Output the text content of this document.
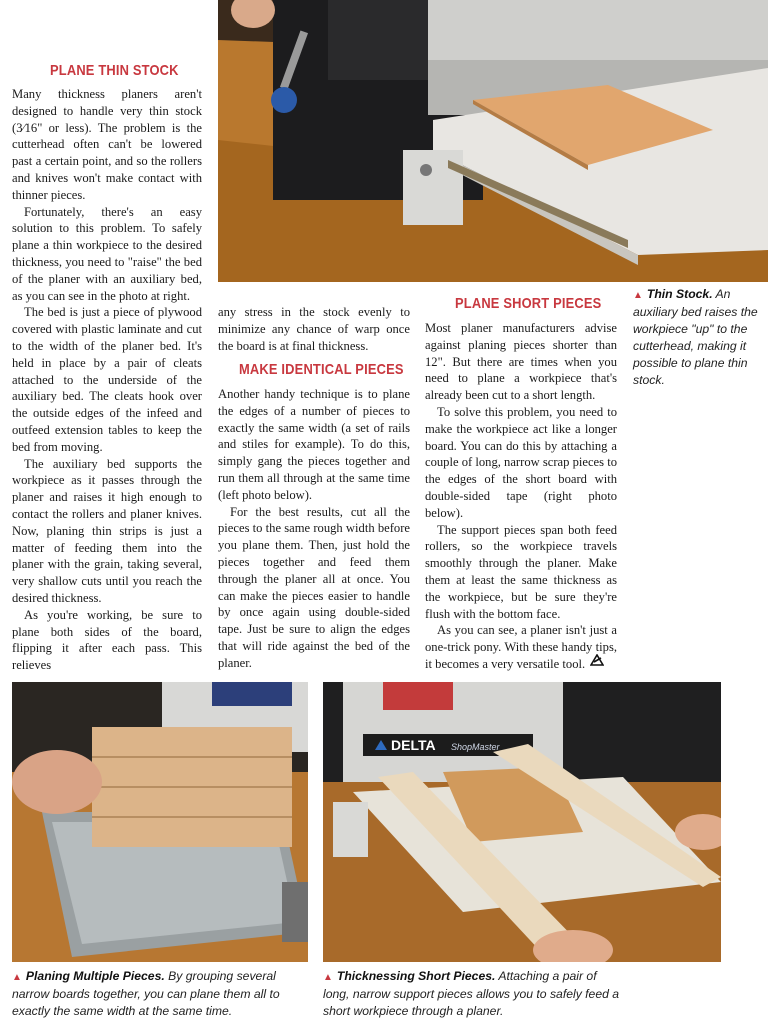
PLANE THIN STOCK

Many thickness planers aren't designed to handle very thin stock (3⁄16" or less). The problem is the cutterhead often can't be lowered past a certain point, and so the rollers and knives won't make contact with thinner pieces.

Fortunately, there's an easy solution to this problem. To safely plane a thin workpiece to the desired thickness, you need to "raise" the bed of the planer with an auxiliary bed, as you can see in the photo at right.

The bed is just a piece of plywood covered with plastic laminate and cut to the width of the planer bed. It's held in place by a pair of cleats attached to the underside of the auxiliary bed. The cleats hook over the outside edges of the infeed and outfeed extension tables to keep the bed from moving.

The auxiliary bed supports the workpiece as it passes through the planer and raises it high enough to contact the rollers and planer knives. Now, planing thin strips is just a matter of feeding them into the planer with the grain, taking several, very shallow cuts until you reach the desired thickness.

As you're working, be sure to plane both sides of the board, flipping it after each pass. This relieves

any stress in the stock evenly to minimize any chance of warp once the board is at final thickness.

MAKE IDENTICAL PIECES

Another handy technique is to plane the edges of a number of pieces to exactly the same width (a set of rails and stiles for example). To do this, simply gang the pieces together and run them all through at the same time (left photo below).

For the best results, cut all the pieces to the same rough width before you plane them. Then, just hold the pieces together and feed them through the planer all at once. You can make the pieces easier to handle by once again using double-sided tape. Just be sure to align the edges that will ride against the bed of the planer.

PLANE SHORT PIECES

Most planer manufacturers advise against planing pieces shorter than 12". But there are times when you need to plane a workpiece that's already been cut to a short length.

To solve this problem, you need to make the workpiece act like a longer board. You can do this by attaching a couple of long, narrow scrap pieces to the edges of the short board with double-sided tape (right photo below).

The support pieces span both feed rollers, so the workpiece travels smoothly through the planer. Make them at least the same thickness as the workpiece, but be sure they're flush with the bottom face.

As you can see, a planer isn't just a one-trick pony. With these handy tips, it becomes a very versatile tool.

▲ Thin Stock. An auxiliary bed raises the workpiece "up" to the cutterhead, making it possible to plane thin stock.
▲ Planing Multiple Pieces. By grouping several narrow boards together, you can plane them all to exactly the same width at the same time.
DELTA ShopMaster
▲ Thicknessing Short Pieces. Attaching a pair of long, narrow support pieces allows you to safely feed a short workpiece through a planer.
